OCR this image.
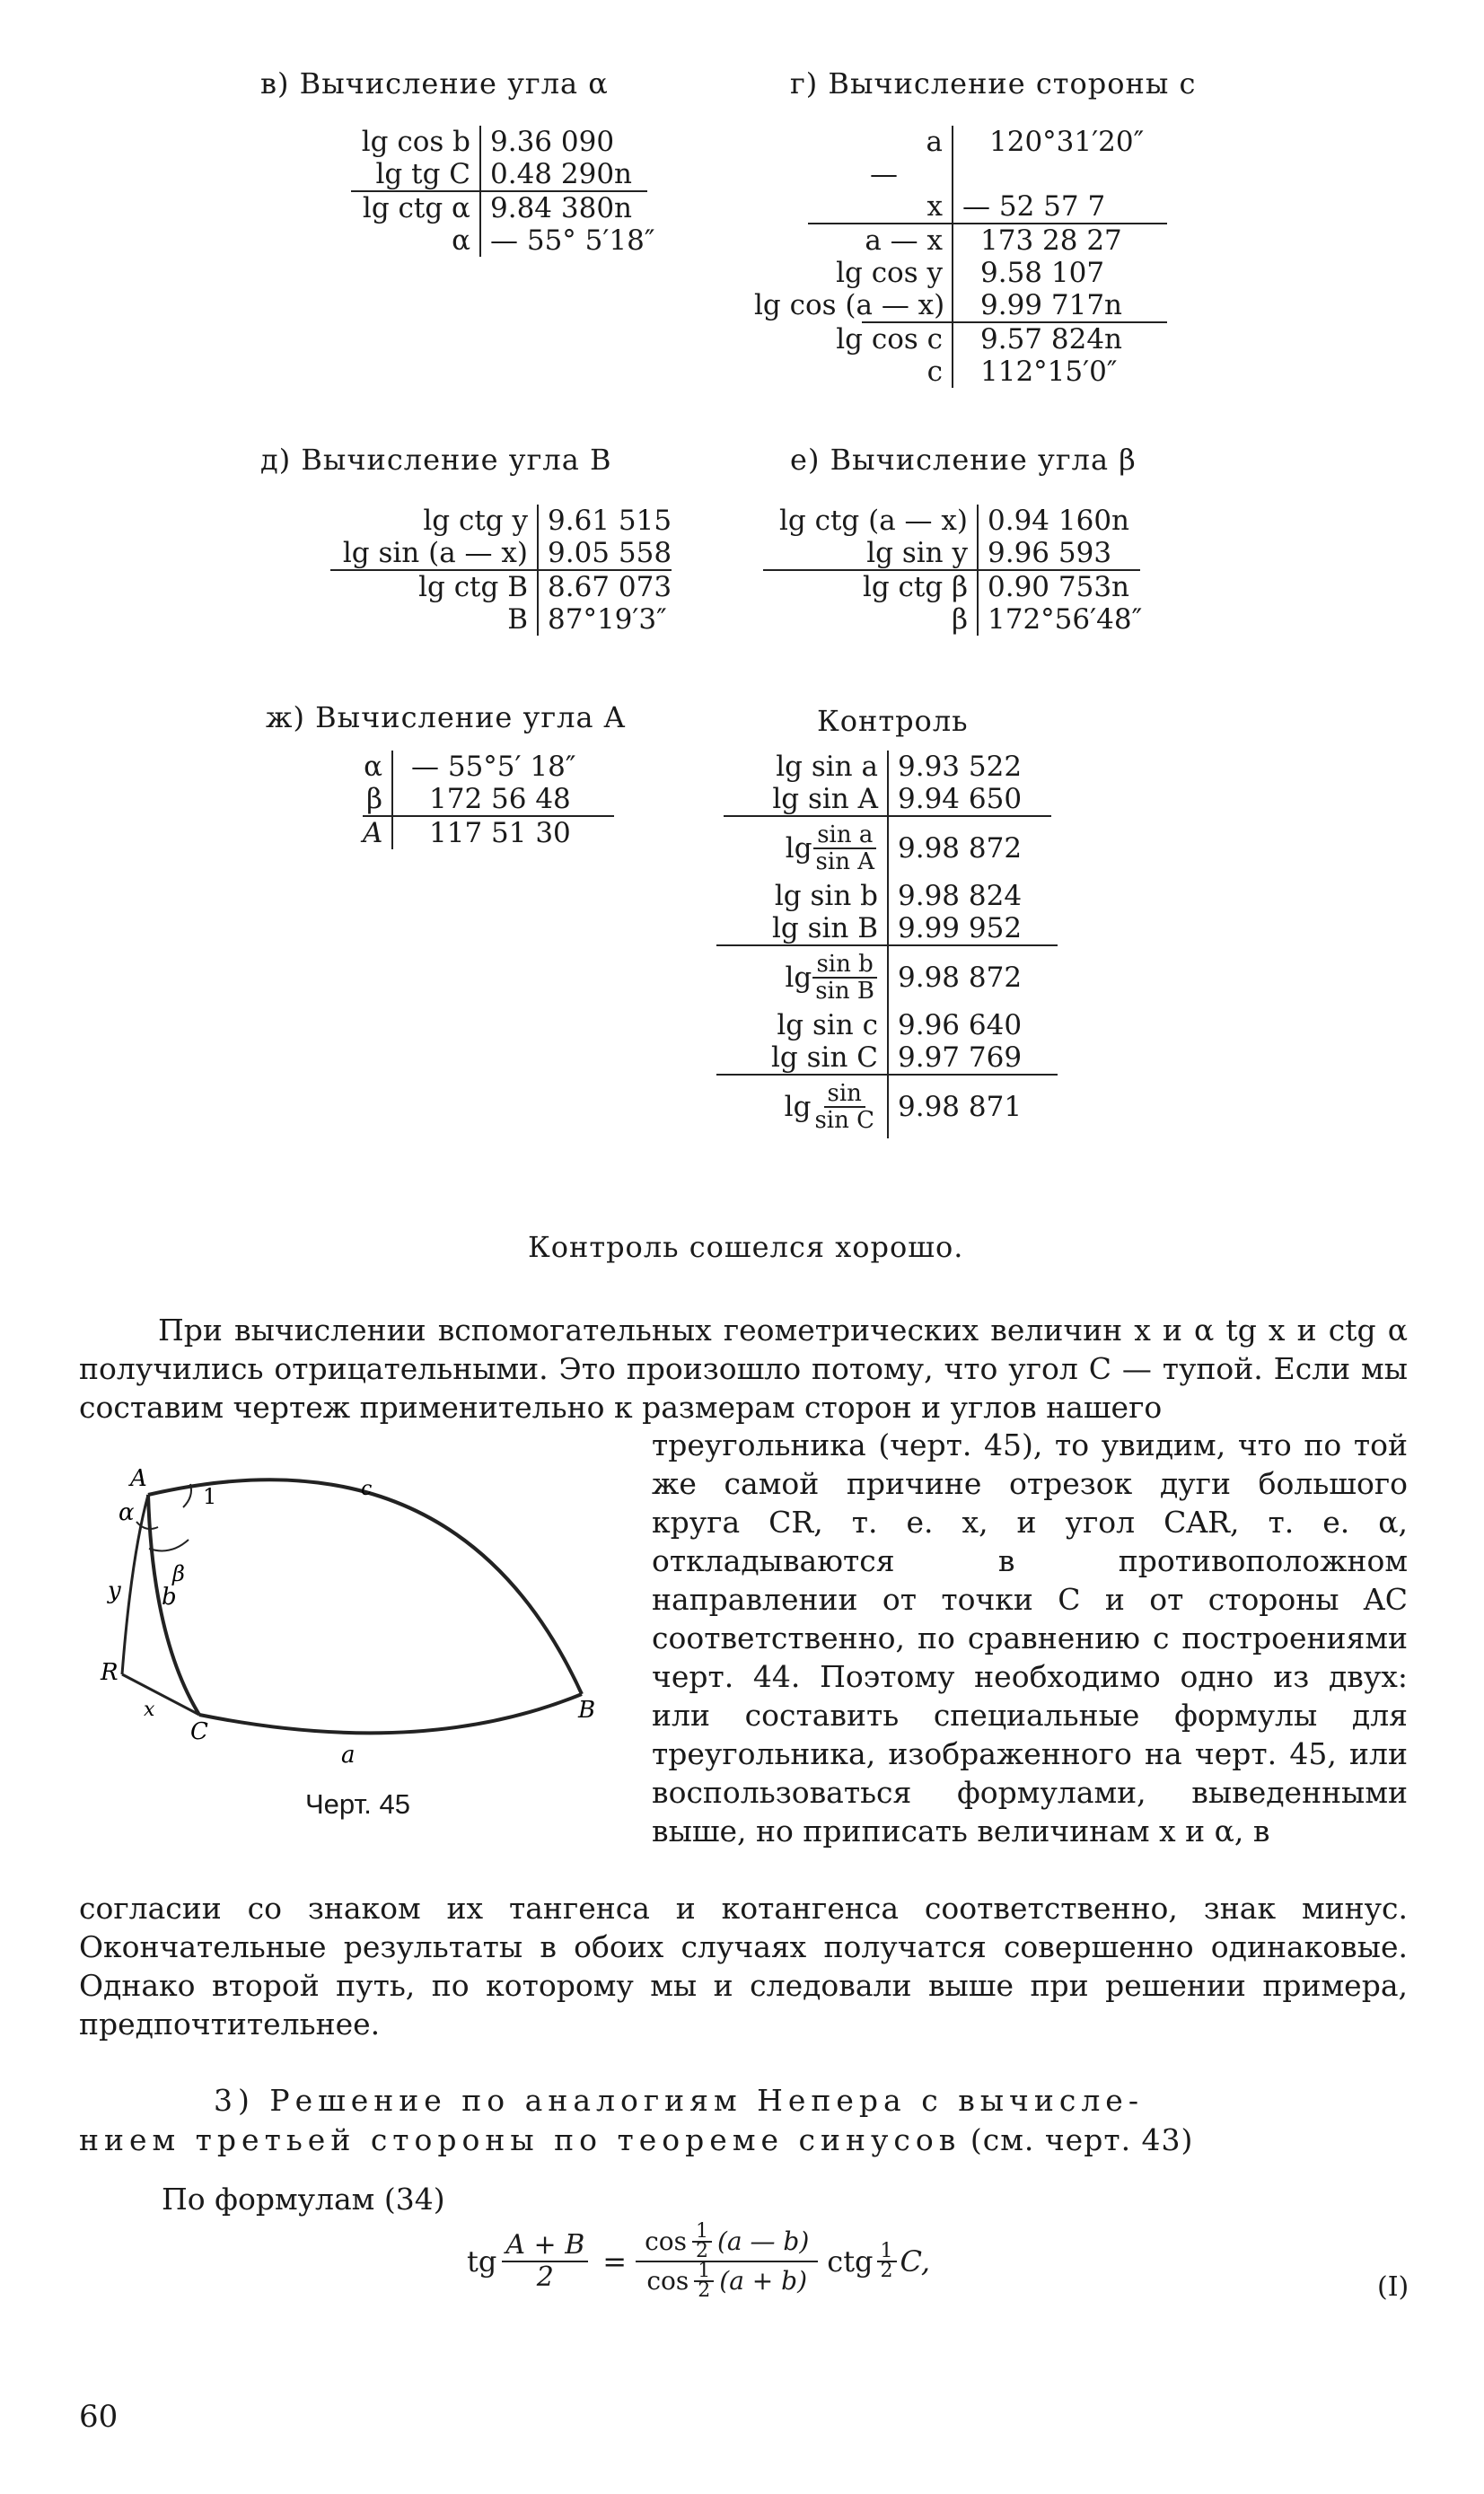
в) Вычисление угла α
lg cos b 9.36 090
lg tg C 0.48 290n
lg ctg α 9.84 380n
α — 55° 5′18″
г) Вычисление стороны c
a	120°31′20″
—
x — 52 57 7
a — x	173 28 27
lg cos y	9.58 107
lg cos (a — x)	9.99 717n
lg cos c	9.57 824n
c	112°15′0″
д) Вычисление угла B
lg ctg y 9.61 515
lg sin (a — x) 9.05 558
lg ctg B 8.67 073
B 87°19′3″
е) Вычисление угла β
lg ctg (a — x) 0.94 160n
lg sin y 9.96 593
lg ctg β 0.90 753n
β 172°56′48″
ж) Вычисление угла A
α	— 55°5′ 18″
β	172 56 48
A	117 51 30
Контроль
lg sin a 9.93 522
lg sin A 9.94 650
$\lg \frac{\text{sin a}}{\text{sin A}} 9.98$ 872
lg sin b 9.98 824
lg sin B 9.99 952
$\lg \frac{\text{sin b}}{\text{sin B}} 9.98$ 872
lg sin c 9.96 640
lg sin C 9.97 769
$\lg \frac{\sin}{\text{sin C}} 9.98$ 871
Контроль сошелся хорошо.
При вычислении вспомогательных геометрических величин x и α tg x и ctg α получились отрицательными. Это произошло потому, что угол C — тупой. Если мы составим чертеж применительно к размерам сторон и углов нашего
треугольника (черт. 45), то увидим, что по той же самой причине отрезок дуги большого круга CR, т. е. x, и угол CAR, т. е. α, откладываются в противоположном направлении от точки C и от стороны AC соответственно, по сравнению с построениями черт. 44. Поэтому необходимо одно из двух: или составить специальные формулы для треугольника, изображенного на черт. 45, или воспользоваться формулами, выведенными выше, но приписать величинам x и α, в
согласии со знаком их тангенса и котангенса соответственно, знак минус. Окончательные результаты в обоих случаях получатся совершенно одинаковые. Однако второй путь, по которому мы и следовали выше при решении примера, предпочтительнее.
A
α
β
1	c
y b
R
x
C
B
a
Черт. 45
3) Решение по аналогиям Непера с вычисле-
нием третьей стороны по теореме синусов (см. черт. 43)
По формулам (34)
tg $\frac{A + B}{2} = \frac{\cos \frac{1}{2} (a — b)}{\cos \frac{1}{2} (a + b)}$ ctg $\frac{1}{2} C$,
(I)
60
